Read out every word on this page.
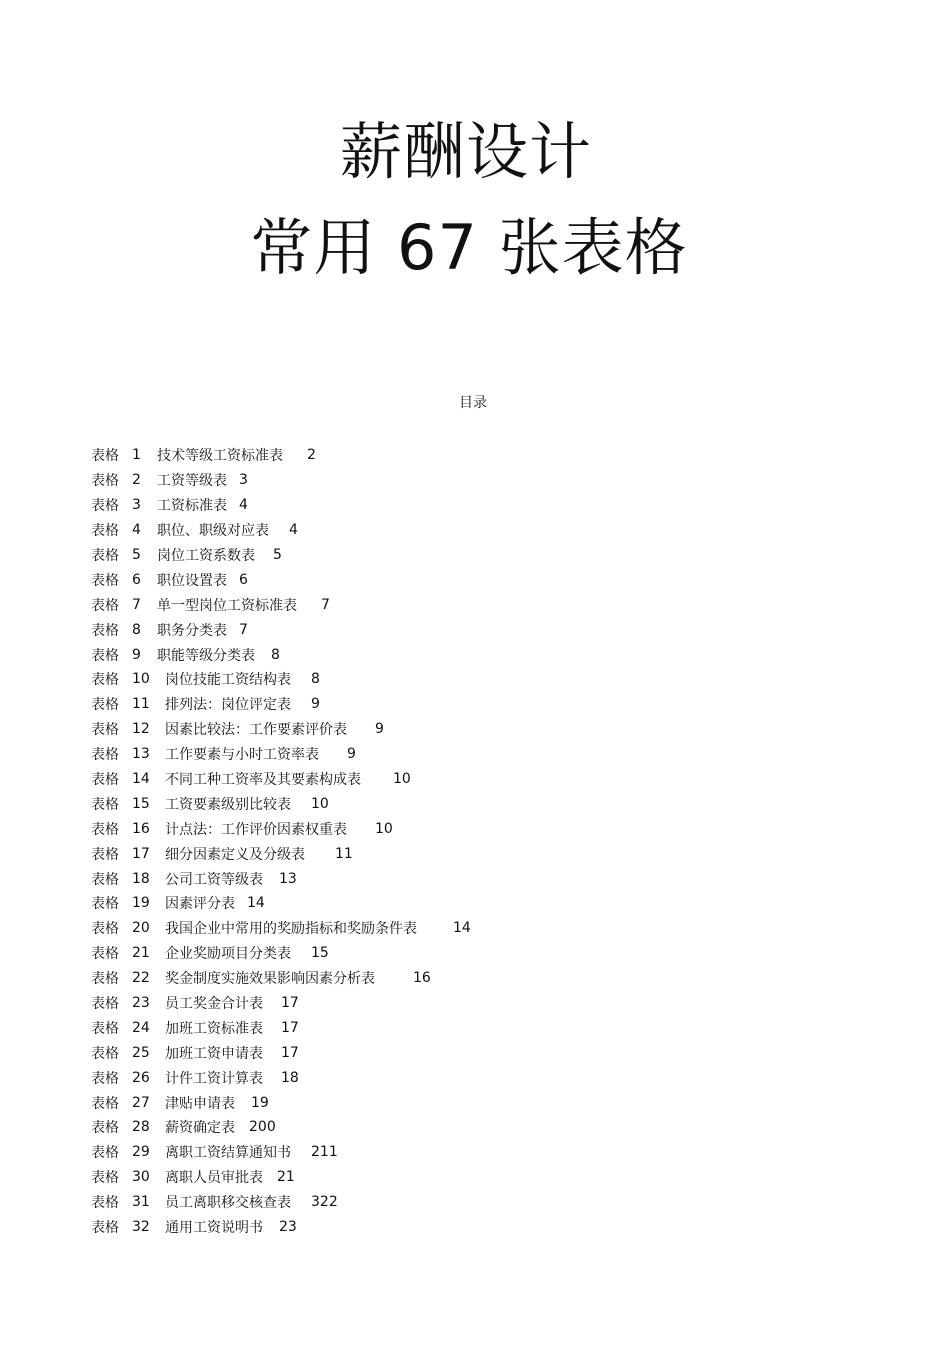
薪酬设计
常用 67 张表格
目录
表格 1	技术等级工资标准表 2
表格 2	工资等级表 3
表格 3	工资标准表 4
表格 4	职位、职级对应表 4
表格 5	岗位工资系数表 5
表格 6	职位设置表 6
表格 7	单一型岗位工资标准表 7
表格 8	职务分类表 7
表格 9	职能等级分类表 8
表格 10	岗位技能工资结构表 8
表格 11	排列法：岗位评定表 9
表格 12	因素比较法：工作要素评价表 9
表格 13	工作要素与小时工资率表 9
表格 14	不同工种工资率及其要素构成表 10
表格 15	工资要素级别比较表 10
表格 16	计点法：工作评价因素权重表 10
表格 17	细分因素定义及分级表 11
表格 18	公司工资等级表 13
表格 19	因素评分表 14
表格 20	我国企业中常用的奖励指标和奖励条件表	14
表格 21	企业奖励项目分类表 15
表格 22	奖金制度实施效果影响因素分析表	16
表格 23	员工奖金合计表 17
表格 24	加班工资标准表 17
表格 25	加班工资申请表 17
表格 26	计件工资计算表 18
表格 27	津贴申请表 19
表格 28	薪资确定表 200
表格 29	离职工资结算通知书 211
表格 30	离职人员审批表 21
表格 31	员工离职移交核查表 322
表格 32	通用工资说明书 23
